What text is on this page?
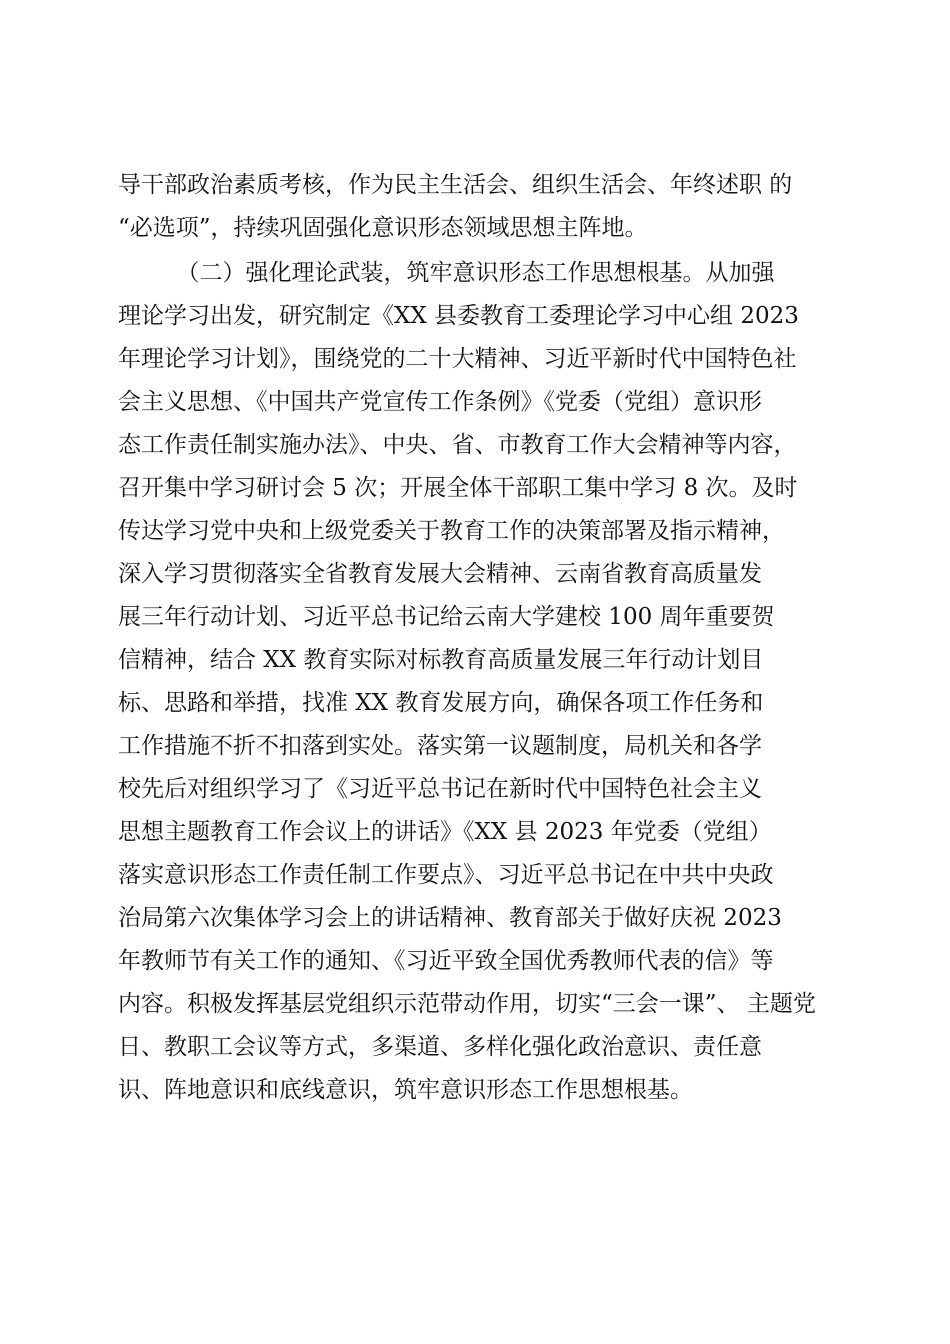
导干部政治素质考核，作为民主生活会、组织生活会、年终述职 的
“必选项”，持续巩固强化意识形态领域思想主阵地。
（二）强化理论武装，筑牢意识形态工作思想根基。从加强
理论学习出发，研究制定《XX 县委教育工委理论学习中心组 2023
年理论学习计划》，围绕党的二十大精神、习近平新时代中国特色社
会主义思想、《中国共产党宣传工作条例》《党委（党组）意识形
态工作责任制实施办法》、中央、省、市教育工作大会精神等内容，
召开集中学习研讨会 5 次；开展全体干部职工集中学习 8 次。及时
传达学习党中央和上级党委关于教育工作的决策部署及指示精神，
深入学习贯彻落实全省教育发展大会精神、云南省教育高质量发
展三年行动计划、习近平总书记给云南大学建校 100 周年重要贺
信精神，结合 XX 教育实际对标教育高质量发展三年行动计划目
标、思路和举措，找准 XX 教育发展方向，确保各项工作任务和
工作措施不折不扣落到实处。落实第一议题制度，局机关和各学
校先后对组织学习了《习近平总书记在新时代中国特色社会主义
思想主题教育工作会议上的讲话》《XX 县 2023 年党委（党组）
落实意识形态工作责任制工作要点》、习近平总书记在中共中央政
治局第六次集体学习会上的讲话精神、教育部关于做好庆祝 2023
年教师节有关工作的通知、《习近平致全国优秀教师代表的信》等
内容。积极发挥基层党组织示范带动作用，切实“三会一课”、 主题党
日、教职工会议等方式，多渠道、多样化强化政治意识、责任意
识、阵地意识和底线意识，筑牢意识形态工作思想根基。
